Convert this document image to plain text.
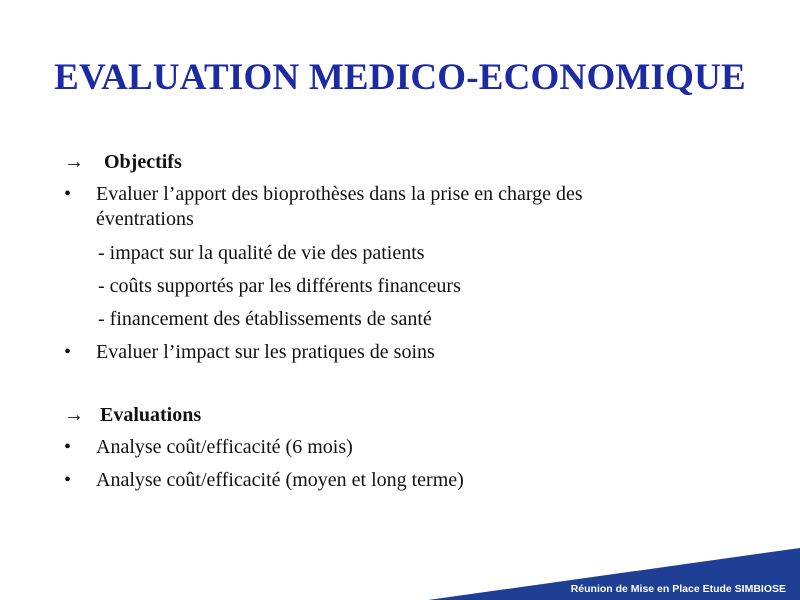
EVALUATION MEDICO-ECONOMIQUE
→ Objectifs
• Evaluer l’apport des bioprothèses dans la prise en charge des
éventrations
- impact sur la qualité de vie des patients
- coûts supportés par les différents financeurs
- financement des établissements de santé
• Evaluer l’impact sur les pratiques de soins
→ Evaluations
• Analyse coût/efficacité (6 mois)
• Analyse coût/efficacité (moyen et long terme)
Réunion de Mise en Place Etude SIMBIOSE
